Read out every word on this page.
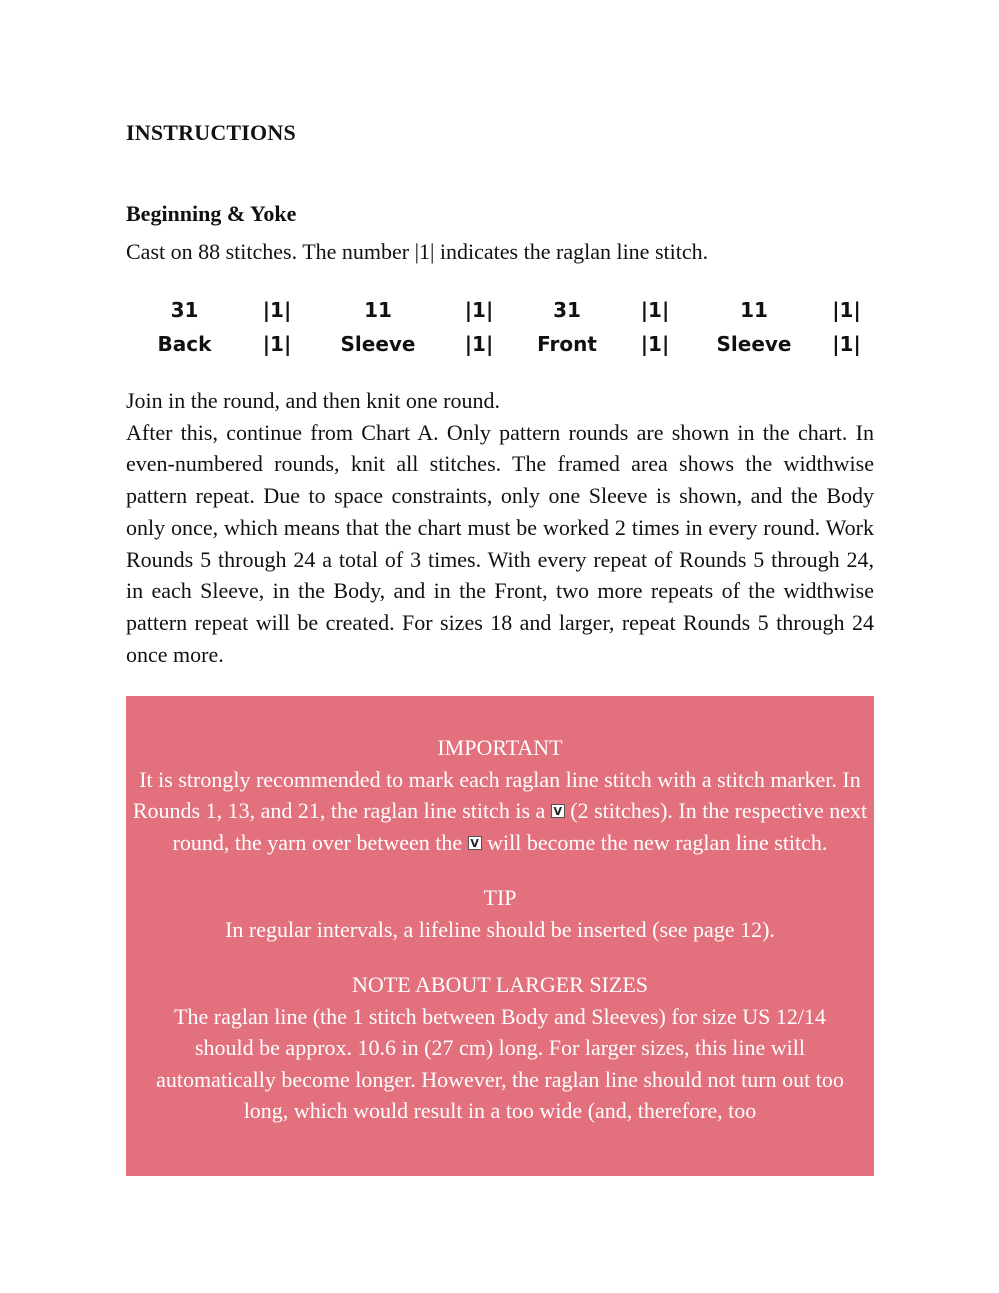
INSTRUCTIONS
Beginning & Yoke

Cast on 88 stitches. The number |1| indicates the raglan line stitch.

31	|1|	11	|1|	31	|1|	11	|1|
Back	|1|	Sleeve	|1|	Front	|1|	Sleeve	|1|

Join in the round, and then knit one round.

After this, continue from Chart A. Only pattern rounds are shown in the chart. In even-numbered rounds, knit all stitches. The framed area shows the widthwise pattern repeat. Due to space constraints, only one Sleeve is shown, and the Body only once, which means that the chart must be worked 2 times in every round. Work Rounds 5 through 24 a total of 3 times. With every repeat of Rounds 5 through 24, in each Sleeve, in the Body, and in the Front, two more repeats of the widthwise pattern repeat will be created. For sizes 18 and larger, repeat Rounds 5 through 24 once more.

IMPORTANT

It is strongly recommended to mark each raglan line stitch with a stitch marker. In Rounds 1, 13, and 21, the raglan line stitch is a V (2 stitches). In the respective next round, the yarn over between the V will become the new raglan line stitch.

TIP

In regular intervals, a lifeline should be inserted (see page 12).

NOTE ABOUT LARGER SIZES

The raglan line (the 1 stitch between Body and Sleeves) for size US 12/14 should be approx. 10.6 in (27 cm) long. For larger sizes, this line will automatically become longer. However, the raglan line should not turn out too long, which would result in a too wide (and, therefore, too
